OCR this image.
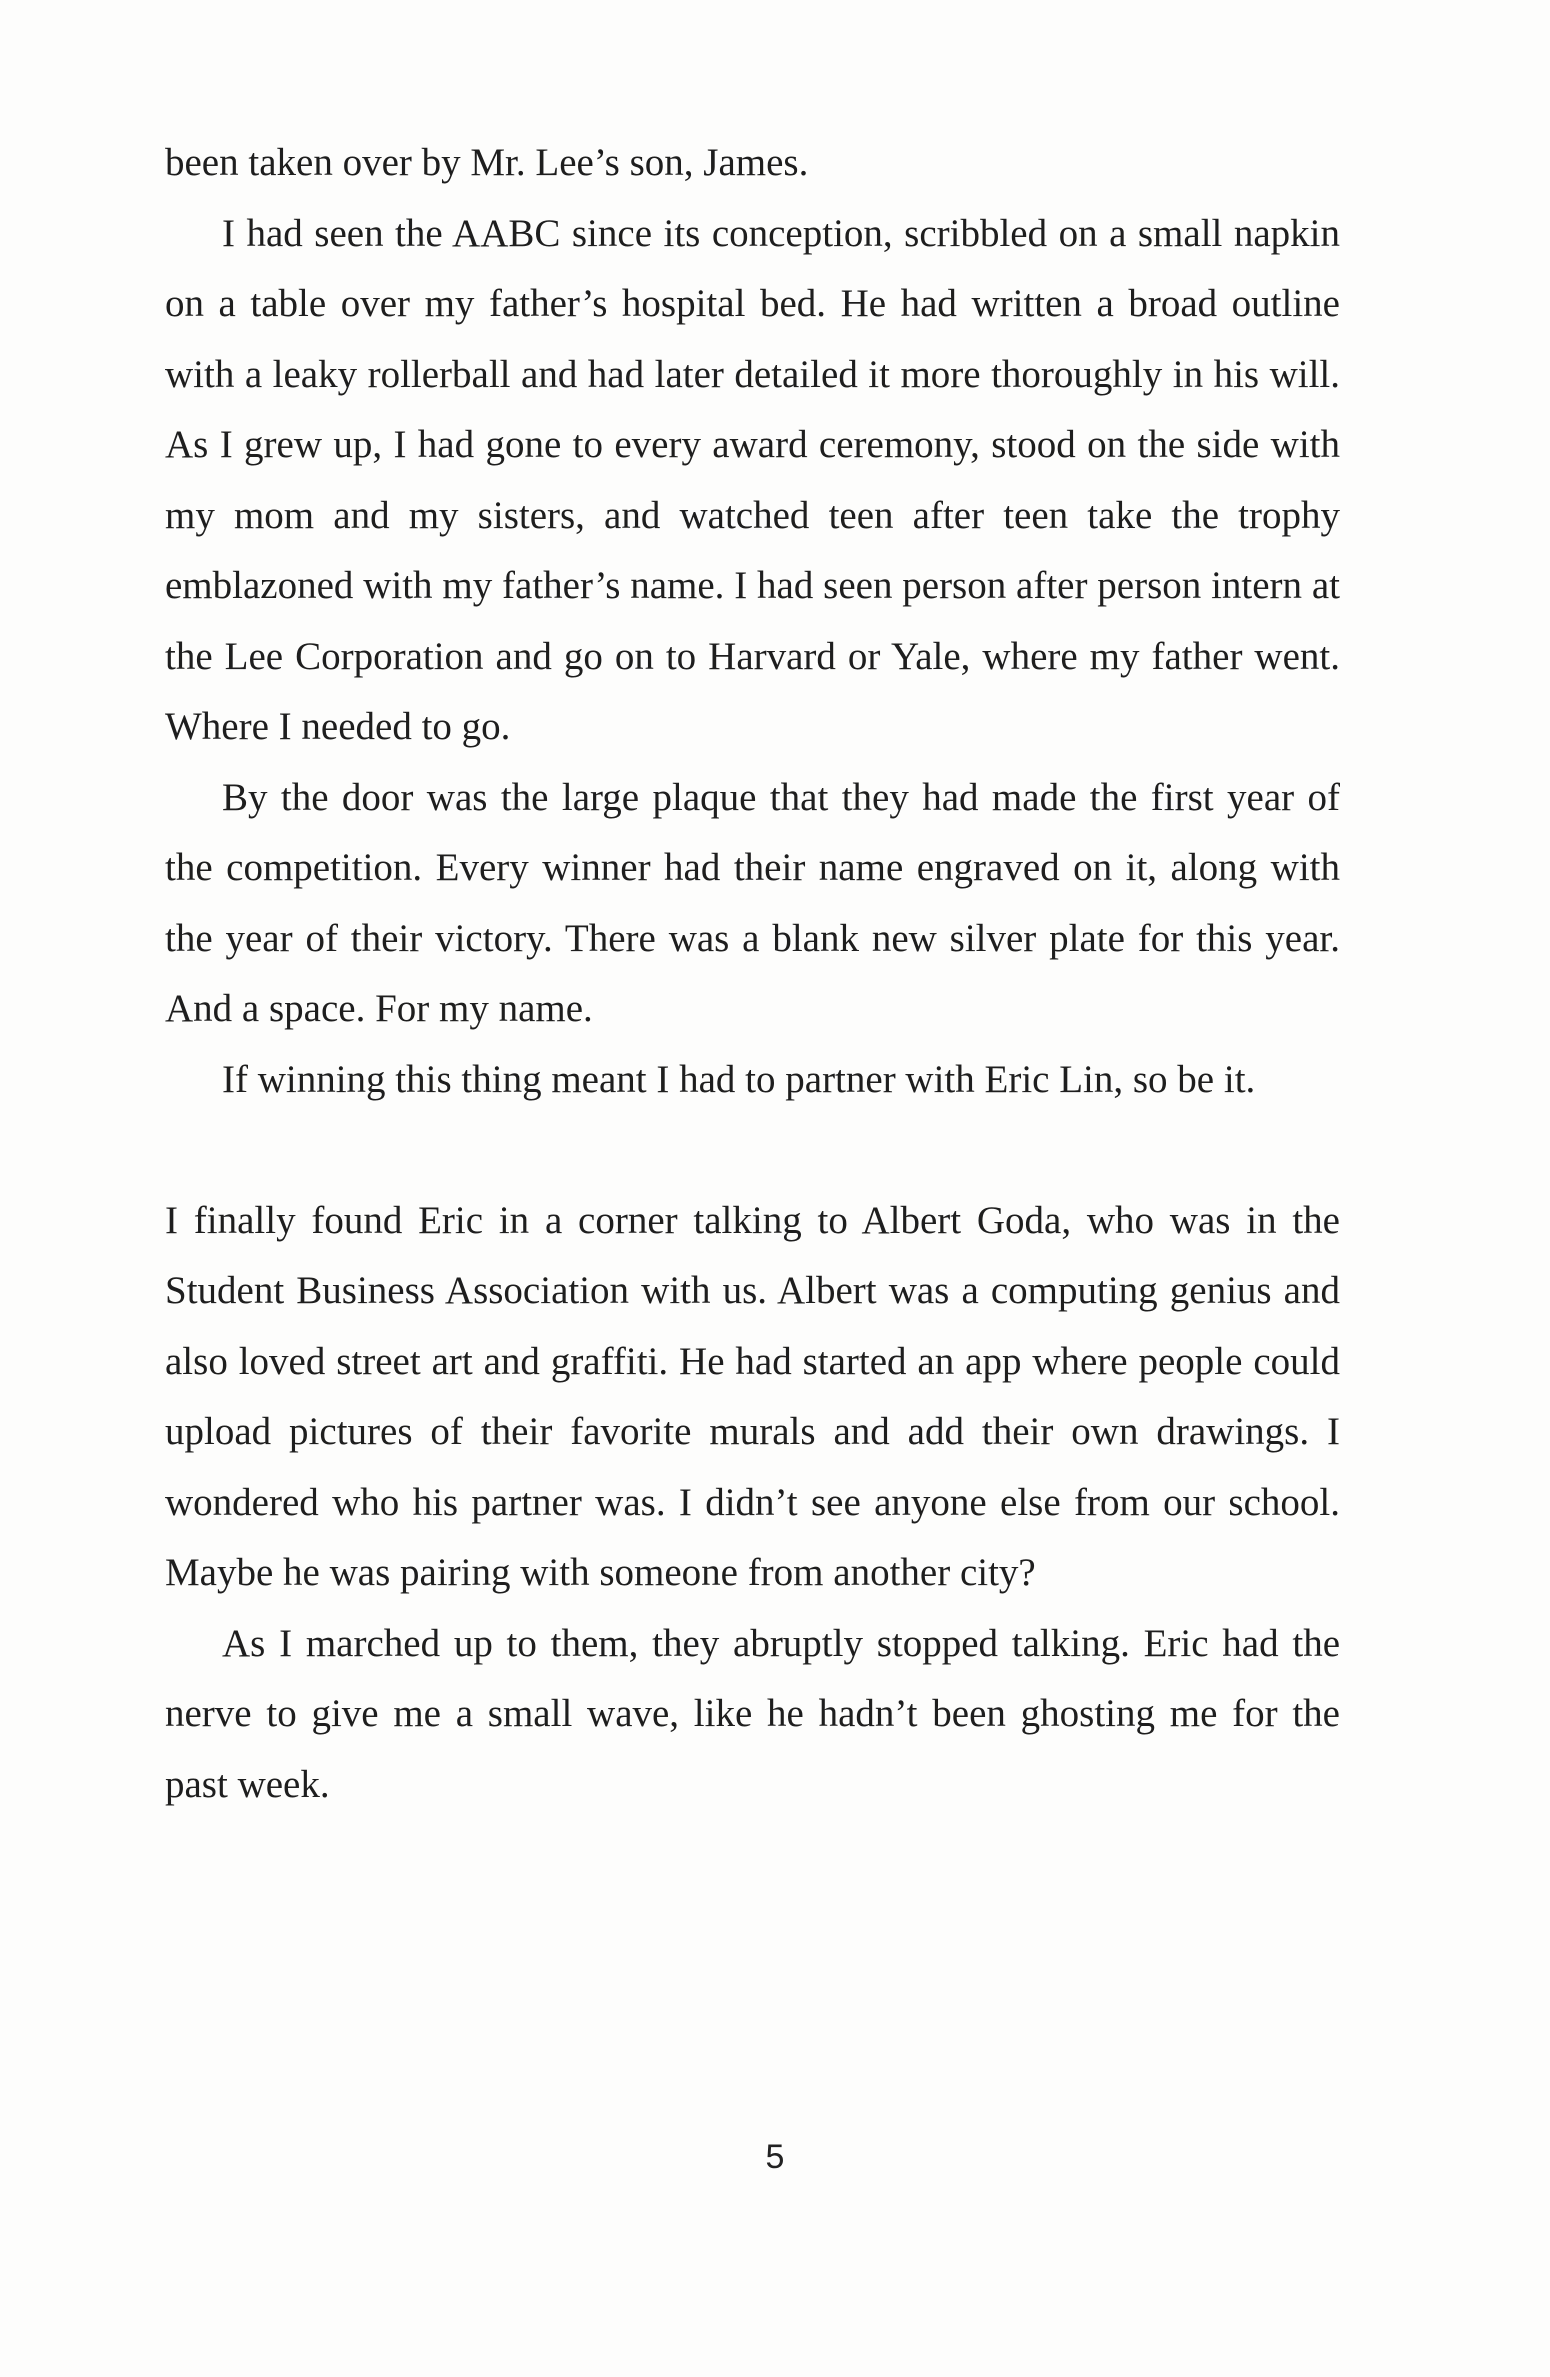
been taken over by Mr. Lee’s son, James.

I had seen the AABC since its conception, scribbled on a small napkin on a table over my father’s hospital bed. He had written a broad outline with a leaky rollerball and had later detailed it more thoroughly in his will. As I grew up, I had gone to every award ceremony, stood on the side with my mom and my sisters, and watched teen after teen take the trophy emblazoned with my father’s name. I had seen person after person intern at the Lee Corporation and go on to Harvard or Yale, where my father went. Where I needed to go.

By the door was the large plaque that they had made the first year of the competition. Every winner had their name engraved on it, along with the year of their victory. There was a blank new silver plate for this year. And a space. For my name.

If winning this thing meant I had to partner with Eric Lin, so be it.

I finally found Eric in a corner talking to Albert Goda, who was in the Student Business Association with us. Albert was a computing genius and also loved street art and graffiti. He had started an app where people could upload pictures of their favorite murals and add their own drawings. I wondered who his partner was. I didn’t see anyone else from our school. Maybe he was pairing with someone from another city?

As I marched up to them, they abruptly stopped talking. Eric had the nerve to give me a small wave, like he hadn’t been ghosting me for the past week.

5
